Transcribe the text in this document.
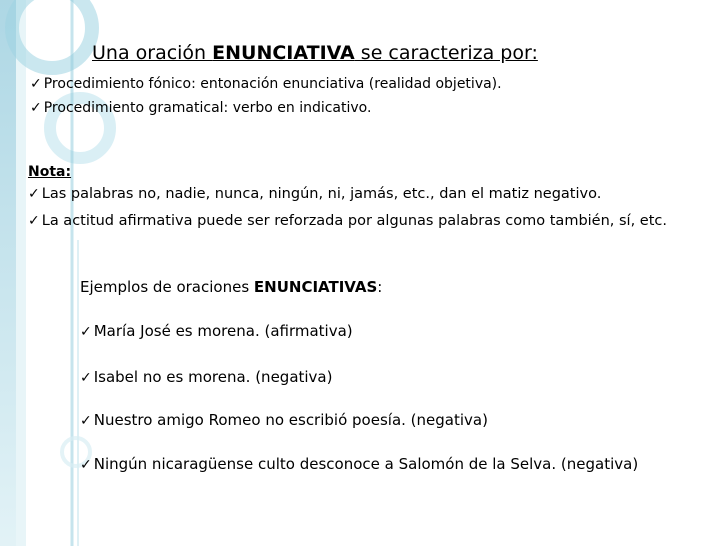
Una oración ENUNCIATIVA se caracteriza por:
✓ Procedimiento fónico: entonación enunciativa (realidad objetiva).
✓ Procedimiento gramatical: verbo en indicativo.
Nota:
✓ Las palabras no, nadie, nunca, ningún, ni, jamás, etc., dan el matiz negativo.
✓ La actitud afirmativa puede ser reforzada por algunas palabras como también, sí, etc.
Ejemplos de oraciones ENUNCIATIVAS:
✓ María José es morena. (afirmativa)
✓ Isabel no es morena. (negativa)
✓ Nuestro amigo Romeo no escribió poesía. (negativa)
✓ Ningún nicaragüense culto desconoce a Salomón de la Selva. (negativa)
